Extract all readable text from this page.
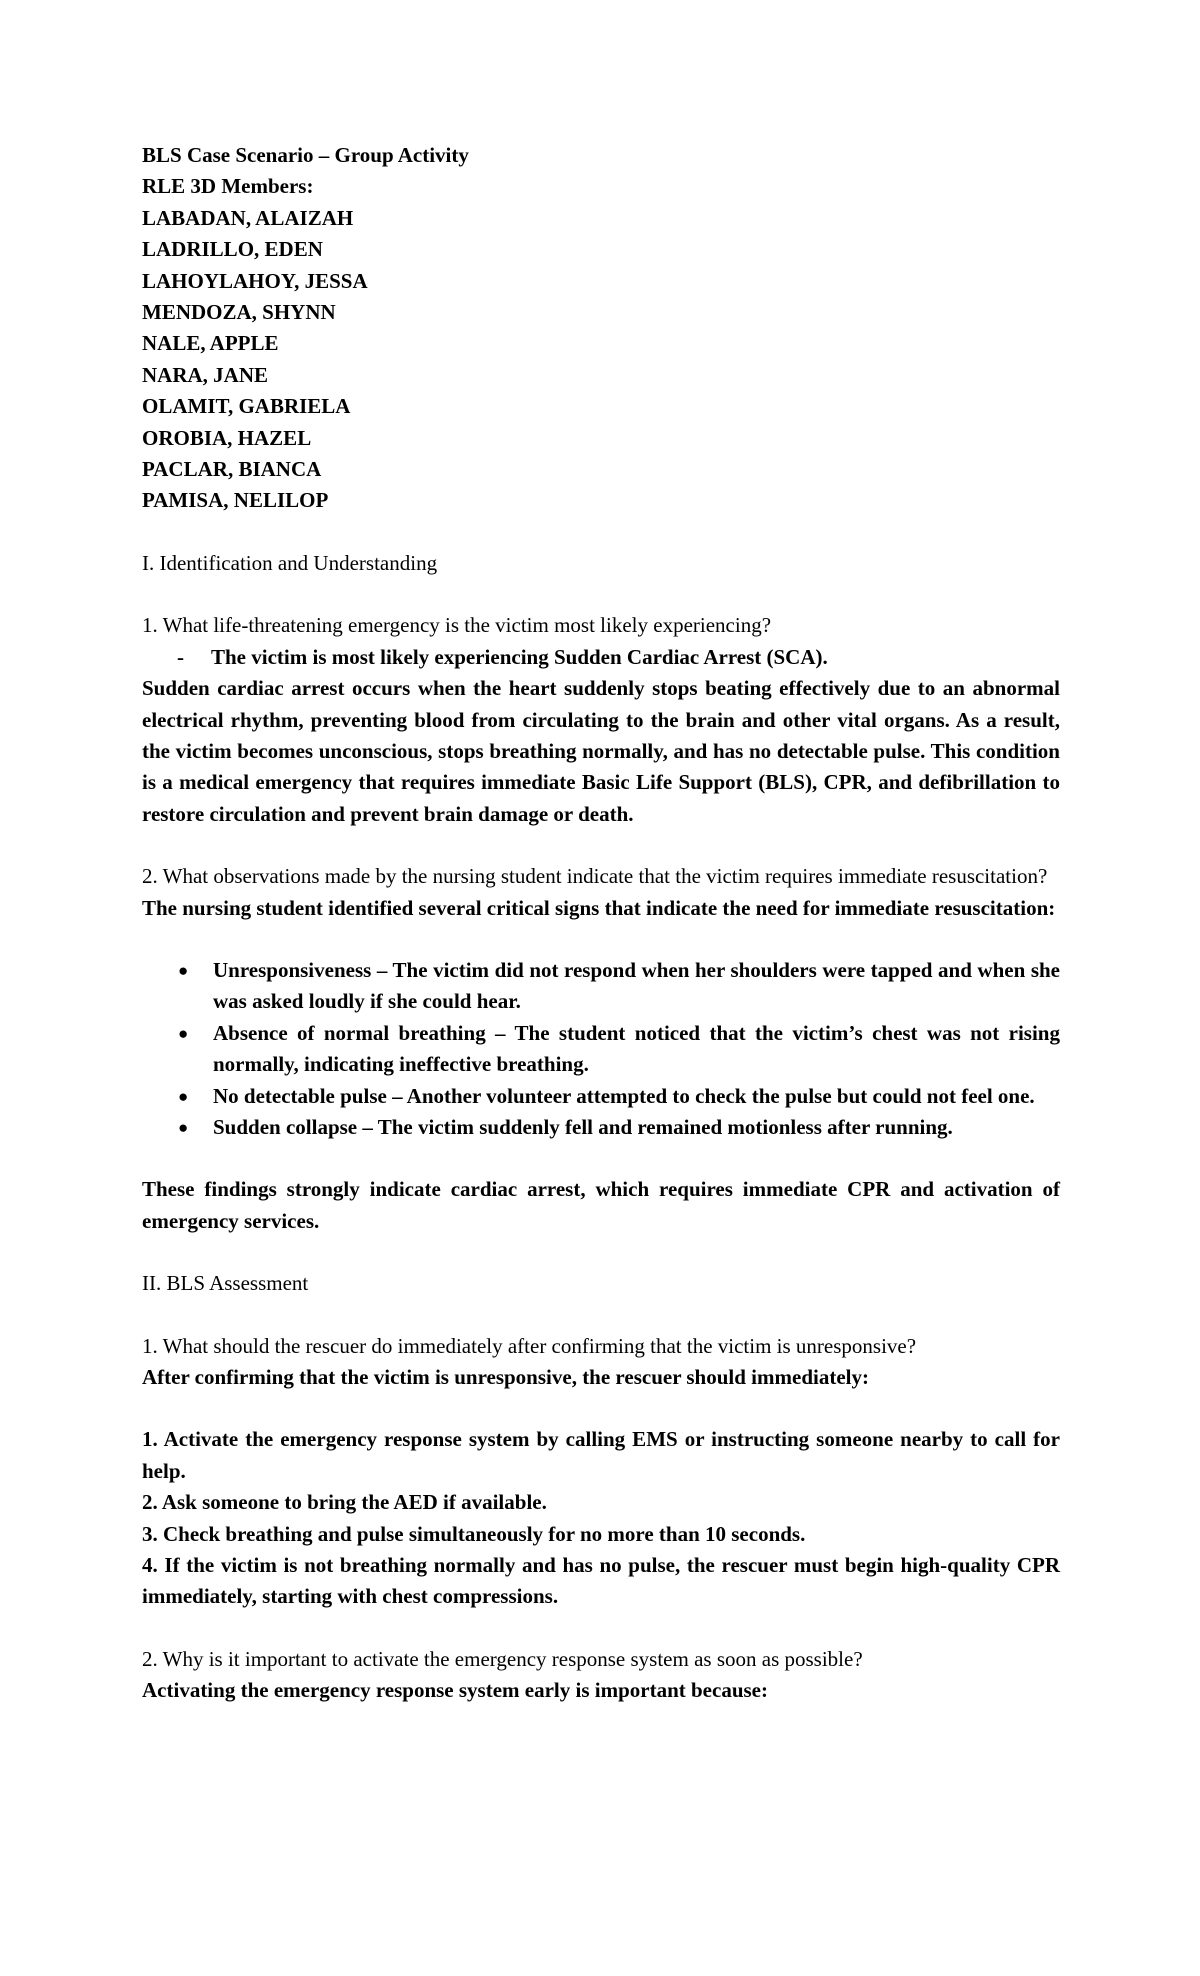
BLS Case Scenario – Group Activity

RLE 3D Members:

LABADAN, ALAIZAH

LADRILLO, EDEN

LAHOYLAHOY, JESSA

MENDOZA, SHYNN

NALE, APPLE

NARA, JANE

OLAMIT, GABRIELA

OROBIA, HAZEL

PACLAR, BIANCA

PAMISA, NELILOP

I. Identification and Understanding

1. What life-threatening emergency is the victim most likely experiencing?

- The victim is most likely experiencing Sudden Cardiac Arrest (SCA).

Sudden cardiac arrest occurs when the heart suddenly stops beating effectively due to an abnormal electrical rhythm, preventing blood from circulating to the brain and other vital organs. As a result, the victim becomes unconscious, stops breathing normally, and has no detectable pulse. This condition is a medical emergency that requires immediate Basic Life Support (BLS), CPR, and defibrillation to restore circulation and prevent brain damage or death.

2. What observations made by the nursing student indicate that the victim requires immediate resuscitation?

The nursing student identified several critical signs that indicate the need for immediate resuscitation:

● Unresponsiveness – The victim did not respond when her shoulders were tapped and when she was asked loudly if she could hear.
● Absence of normal breathing – The student noticed that the victim’s chest was not rising normally, indicating ineffective breathing.
● No detectable pulse – Another volunteer attempted to check the pulse but could not feel one.
● Sudden collapse – The victim suddenly fell and remained motionless after running.

These findings strongly indicate cardiac arrest, which requires immediate CPR and activation of emergency services.

II. BLS Assessment

1. What should the rescuer do immediately after confirming that the victim is unresponsive?

After confirming that the victim is unresponsive, the rescuer should immediately:

1. Activate the emergency response system by calling EMS or instructing someone nearby to call for help.

2. Ask someone to bring the AED if available.

3. Check breathing and pulse simultaneously for no more than 10 seconds.

4. If the victim is not breathing normally and has no pulse, the rescuer must begin high-quality CPR immediately, starting with chest compressions.

2. Why is it important to activate the emergency response system as soon as possible?

Activating the emergency response system early is important because:
